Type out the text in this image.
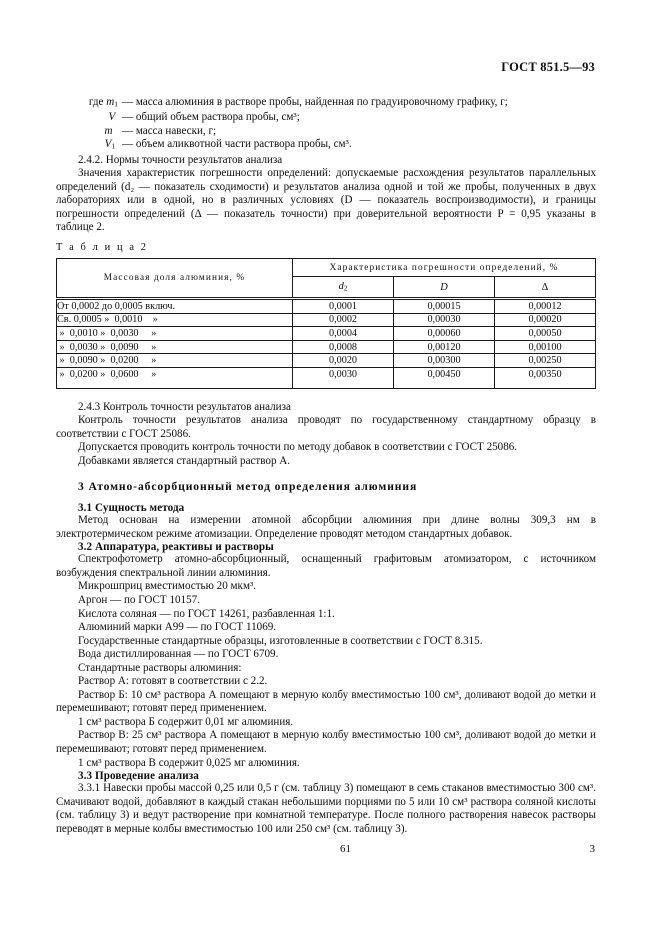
ГОСТ 851.5—93
где $m_1$ — масса алюминия в растворе пробы, найденная по градуировочному графику, г;
V — общий объем раствора пробы, см³;
m — масса навески, г;
$V_1$ — объем аликвотной части раствора пробы, см³.

2.4.2. Нормы точности результатов анализа

Значения характеристик погрешности определений: допускаемые расхождения результатов параллельных определений (d₂ — показатель сходимости) и результатов анализа одной и той же пробы, полученных в двух лабораториях или в одной, но в различных условиях (D — показатель воспроизводимости), и границы погрешности определений (Δ — показатель точности) при доверительной вероятности P = 0,95 указаны в таблице 2.

Т а б л и ц а 2
Массовая доля алюминия, %	Характеристика погрешности определений, %		
	$d_2$	D	Δ
От 0,0002 до 0,0005 включ.	0,0001	0,00015	0,00012
Св. 0,0005 »  0,0010    »	0,0002	0,00030	0,00020
»  0,0010 »  0,0030     »	0,0004	0,00060	0,00050
»  0,0030 »  0,0090     »	0,0008	0,00120	0,00100
»  0,0090 »  0,0200     »	0,0020	0,00300	0,00250
»  0,0200 »  0,0600     »	0,0030	0,00450	0,00350

2.4.3 Контроль точности результатов анализа

Контроль точности результатов анализа проводят по государственному стандартному образцу в соответствии с ГОСТ 25086.

Допускается проводить контроль точности по методу добавок в соответствии с ГОСТ 25086.

Добавками является стандартный раствор А.

3 Атомно-абсорбционный метод определения алюминия
3.1 Сущность метода

Метод основан на измерении атомной абсорбции алюминия при длине волны 309,3 нм в электротермическом режиме атомизации. Определение проводят методом стандартных добавок.

3.2 Аппаратура, реактивы и растворы

Спектрофотометр атомно-абсорбционный, оснащенный графитовым атомизатором, с источником возбуждения спектральной линии алюминия.

Микрошприц вместимостью 20 мкм³.

Аргон — по ГОСТ 10157.

Кислота соляная — по ГОСТ 14261, разбавленная 1:1.

Алюминий марки А99 — по ГОСТ 11069.

Государственные стандартные образцы, изготовленные в соответствии с ГОСТ 8.315.

Вода дистиллированная — по ГОСТ 6709.

Стандартные растворы алюминия:

Раствор А: готовят в соответствии с 2.2.

Раствор Б: 10 см³ раствора А помещают в мерную колбу вместимостью 100 см³, доливают водой до метки и перемешивают; готовят перед применением.

1 см³ раствора Б содержит 0,01 мг алюминия.

Раствор В: 25 см³ раствора А помещают в мерную колбу вместимостью 100 см³, доливают водой до метки и перемешивают; готовят перед применением.

1 см³ раствора В содержит 0,025 мг алюминия.

3.3 Проведение анализа

3.3.1 Навески пробы массой 0,25 или 0,5 г (см. таблицу 3) помещают в семь стаканов вместимостью 300 см³. Смачивают водой, добавляют в каждый стакан небольшими порциями по 5 или 10 см³ раствора соляной кислоты (см. таблицу 3) и ведут растворение при комнатной температуре. После полного растворения навесок растворы переводят в мерные колбы вместимостью 100 или 250 см³ (см. таблицу 3).

61	3
